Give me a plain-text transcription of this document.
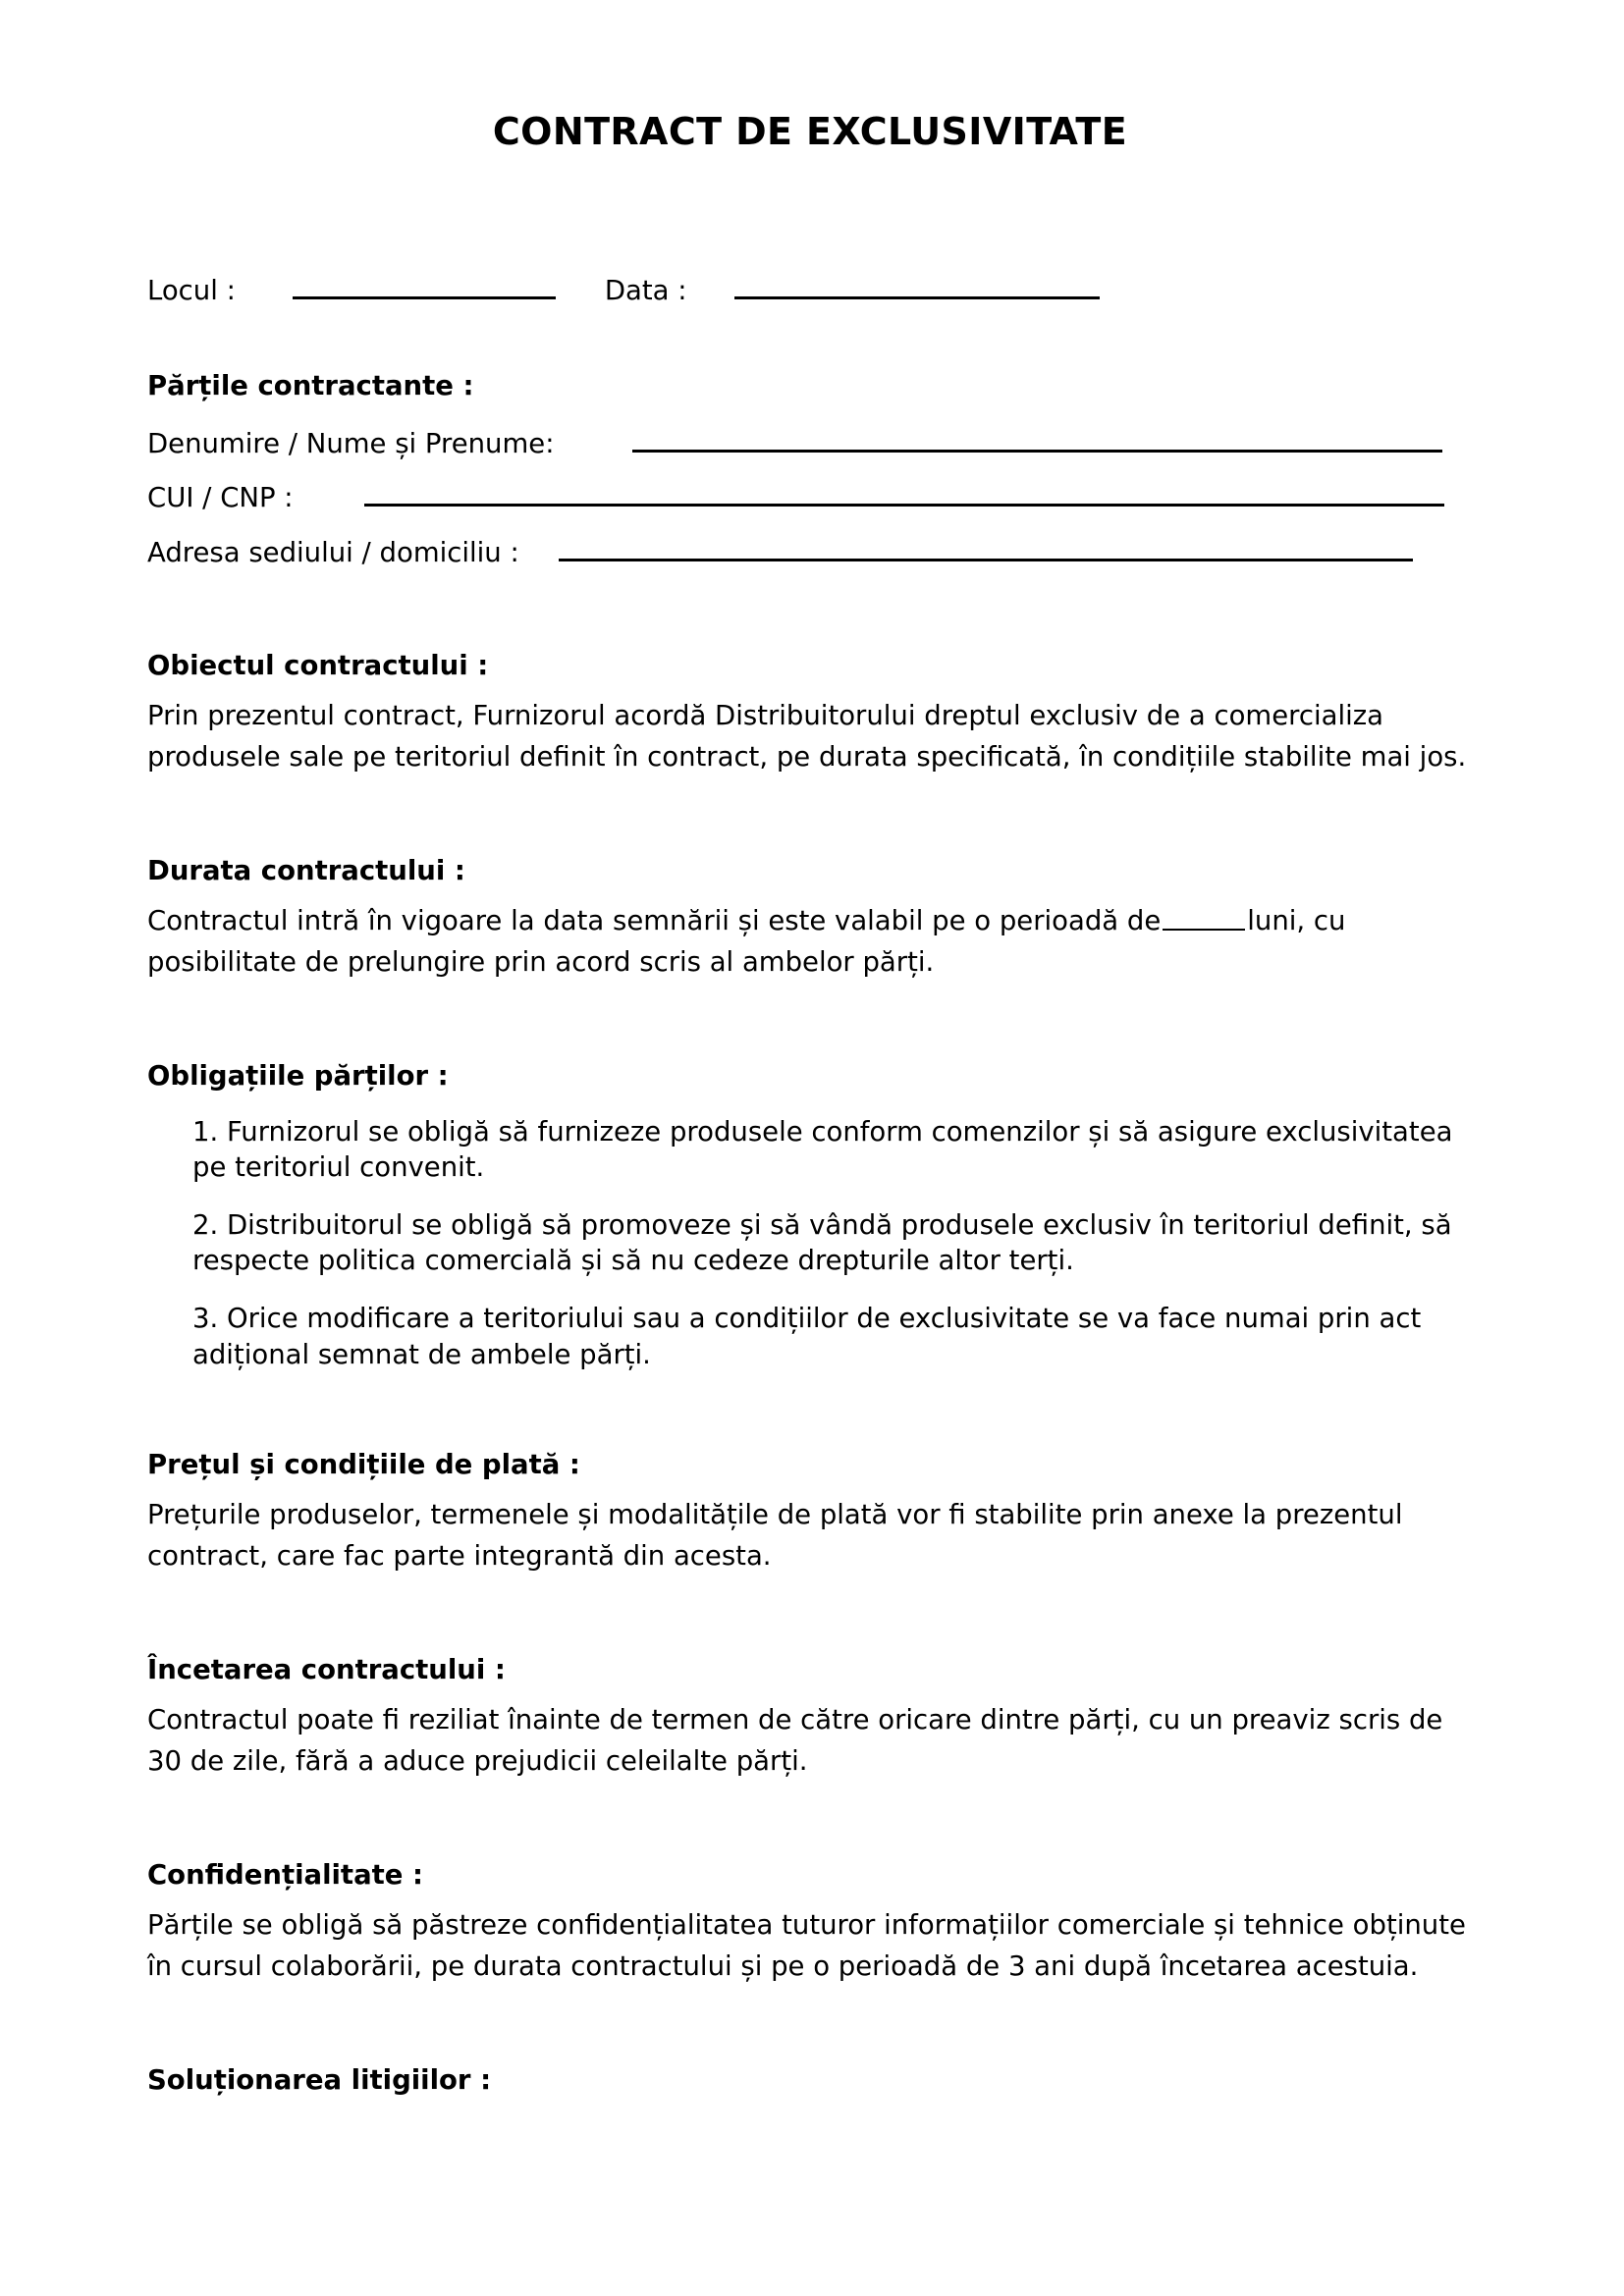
CONTRACT DE EXCLUSIVITATE
Locul :	Data :
Părțile contractante :
Denumire / Nume și Prenume:
CUI / CNP :
Adresa sediului / domiciliu :
Obiectul contractului :

Prin prezentul contract, Furnizorul acordă Distribuitorului dreptul exclusiv de a comercializa produsele sale pe teritoriul definit în contract, pe durata specificată, în condițiile stabilite mai jos.

Durata contractului :

Contractul intră în vigoare la data semnării și este valabil pe o perioadă de	luni, cu posibilitate de prelungire prin acord scris al ambelor părți.

Obligațiile părților :
1. Furnizorul se obligă să furnizeze produsele conform comenzilor și să asigure exclusivitatea pe teritoriul convenit.
2. Distribuitorul se obligă să promoveze și să vândă produsele exclusiv în teritoriul definit, să respecte politica comercială și să nu cedeze drepturile altor terți.
3. Orice modificare a teritoriului sau a condițiilor de exclusivitate se va face numai prin act adițional semnat de ambele părți.
Prețul și condițiile de plată :

Prețurile produselor, termenele și modalitățile de plată vor fi stabilite prin anexe la prezentul contract, care fac parte integrantă din acesta.

Încetarea contractului :

Contractul poate fi reziliat înainte de termen de către oricare dintre părți, cu un preaviz scris de 30 de zile, fără a aduce prejudicii celeilalte părți.

Confidențialitate :

Părțile se obligă să păstreze confidențialitatea tuturor informațiilor comerciale și tehnice obținute în cursul colaborării, pe durata contractului și pe o perioadă de 3 ani după încetarea acestuia.

Soluționarea litigiilor :
